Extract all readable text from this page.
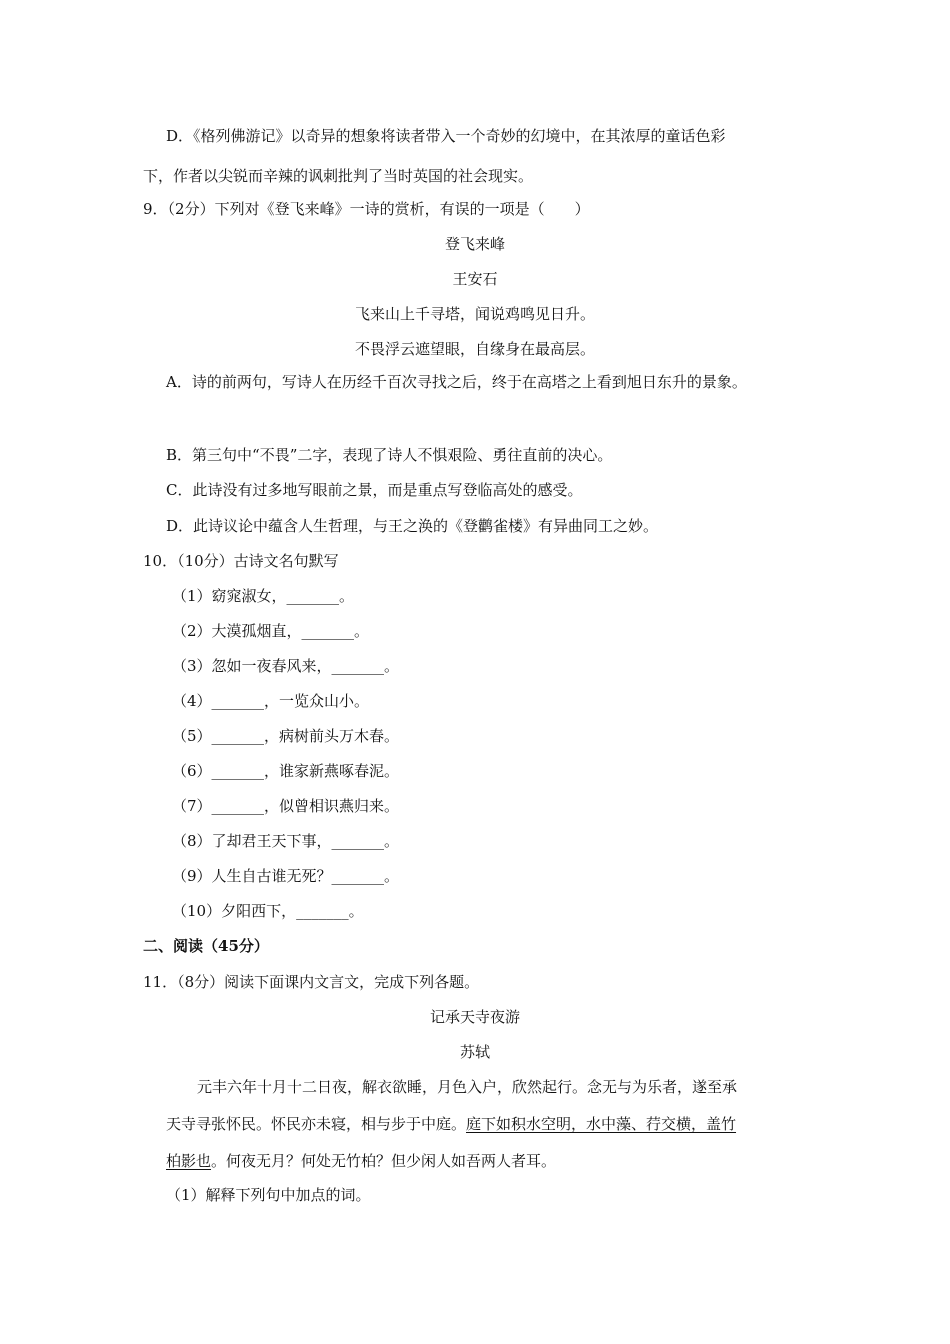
D．《格列佛游记》以奇异的想象将读者带入一个奇妙的幻境中，在其浓厚的童话色彩
下，作者以尖锐而辛辣的讽刺批判了当时英国的社会现实。
9．（2分）下列对《登飞来峰》一诗的赏析，有误的一项是（　　）
登飞来峰
王安石
飞来山上千寻塔，闻说鸡鸣见日升。
不畏浮云遮望眼，自缘身在最高层。
A．诗的前两句，写诗人在历经千百次寻找之后，终于在高塔之上看到旭日东升的景象。
B．第三句中“不畏”二字，表现了诗人不惧艰险、勇往直前的决心。
C．此诗没有过多地写眼前之景，而是重点写登临高处的感受。
D．此诗议论中蕴含人生哲理，与王之涣的《登鹳雀楼》有异曲同工之妙。
10．（10分）古诗文名句默写
（1）窈窕淑女，_______。
（2）大漠孤烟直，_______。
（3）忽如一夜春风来，_______。
（4）_______，一览众山小。
（5）_______，病树前头万木春。
（6）_______，谁家新燕啄春泥。
（7）_______，似曾相识燕归来。
（8）了却君王天下事，_______。
（9）人生自古谁无死？_______。
（10）夕阳西下，_______。
二、阅读（45分）
11．（8分）阅读下面课内文言文，完成下列各题。
记承天寺夜游
苏轼
元丰六年十月十二日夜，解衣欲睡，月色入户，欣然起行。念无与为乐者，遂至承
天寺寻张怀民。怀民亦未寝，相与步于中庭。庭下如积水空明，水中藻、荇交横，盖竹
柏影也。何夜无月？何处无竹柏？但少闲人如吾两人者耳。
（1）解释下列句中加点的词。
